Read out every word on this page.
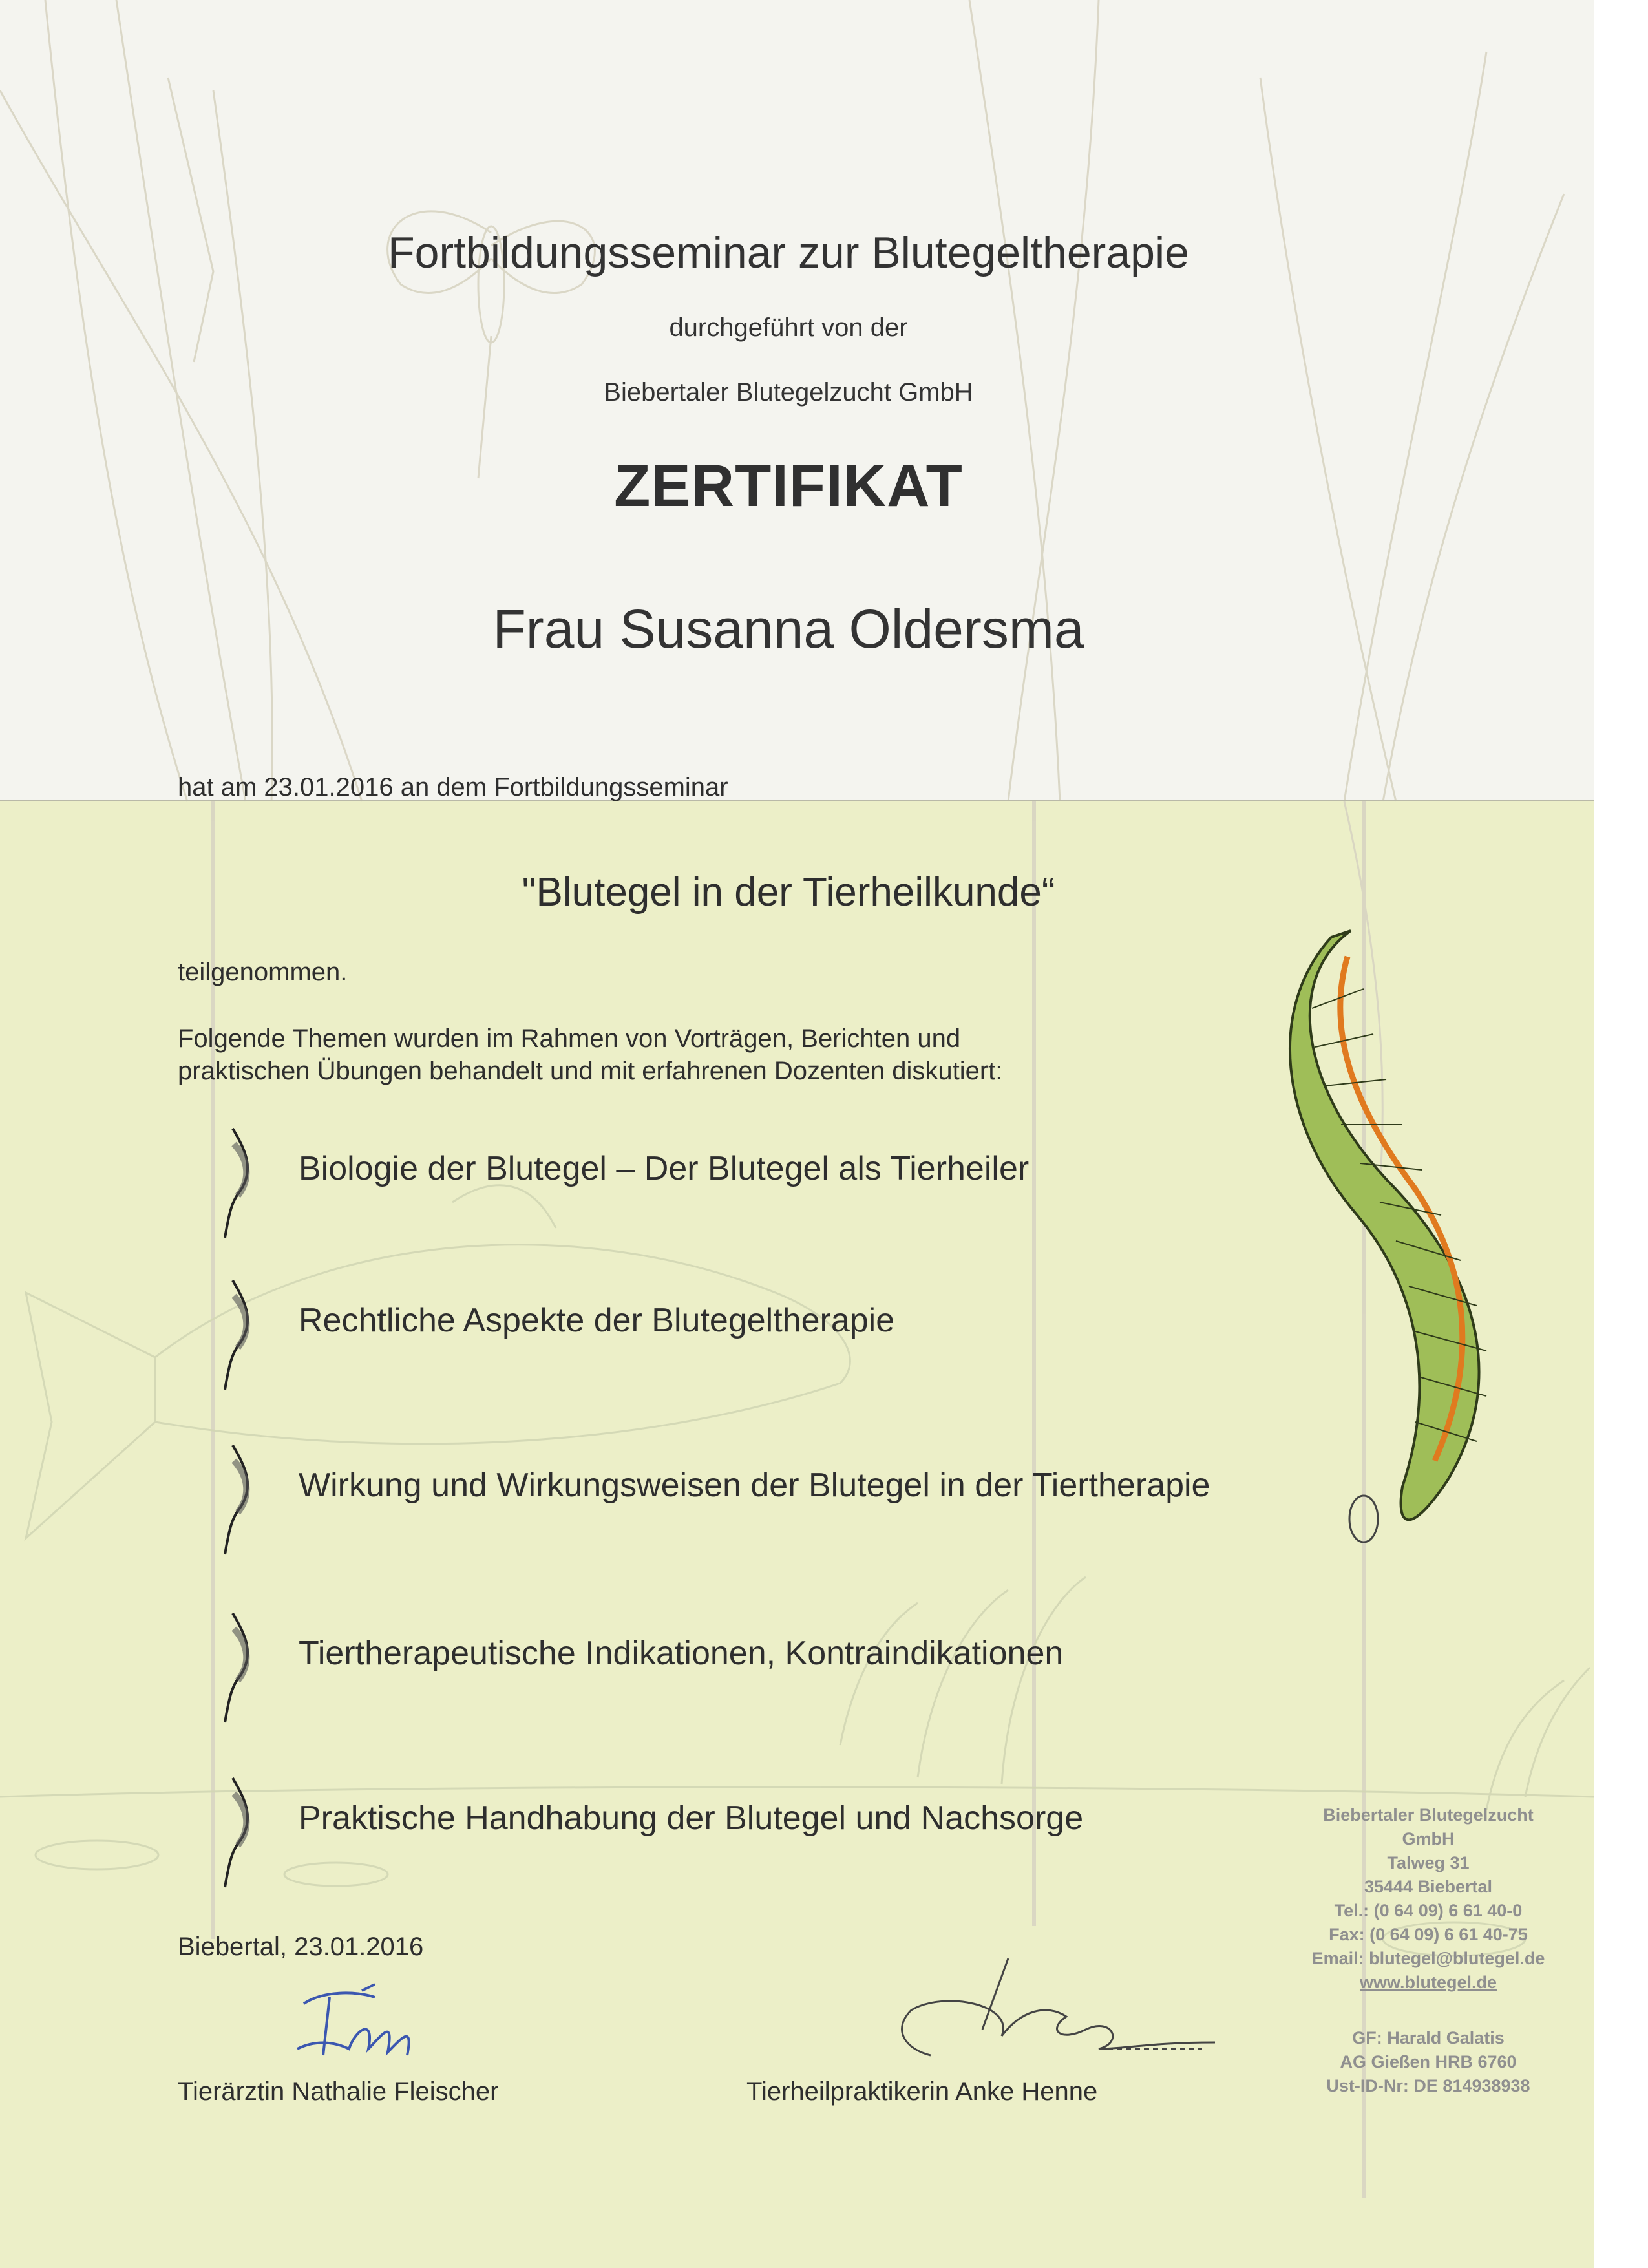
Fortbildungsseminar zur Blutegeltherapie

durchgeführt von der

Biebertaler Blutegelzucht GmbH

ZERTIFIKAT

Frau Susanna Oldersma

hat am 23.01.2016 an dem Fortbildungsseminar

"Blutegel in der Tierheilkunde“

teilgenommen.

Folgende Themen wurden im Rahmen von Vorträgen, Berichten und

praktischen Übungen behandelt und mit erfahrenen Dozenten diskutiert:

Biologie der Blutegel – Der Blutegel als Tierheiler
Rechtliche Aspekte der Blutegeltherapie
Wirkung und Wirkungsweisen der Blutegel in der Tiertherapie
Tiertherapeutische Indikationen, Kontraindikationen
Praktische Handhabung der Blutegel und Nachsorge

Biebertal, 23.01.2016

Tierärztin Nathalie Fleischer	Tierheilpraktikerin Anke Henne

Biebertaler Blutegelzucht
GmbH
Talweg 31
35444 Biebertal
Tel.: (0 64 09) 6 61 40-0
Fax: (0 64 09) 6 61 40-75
Email: blutegel@blutegel.de
www.blutegel.de
GF: Harald Galatis
AG Gießen HRB 6760
Ust-ID-Nr: DE 814938938
